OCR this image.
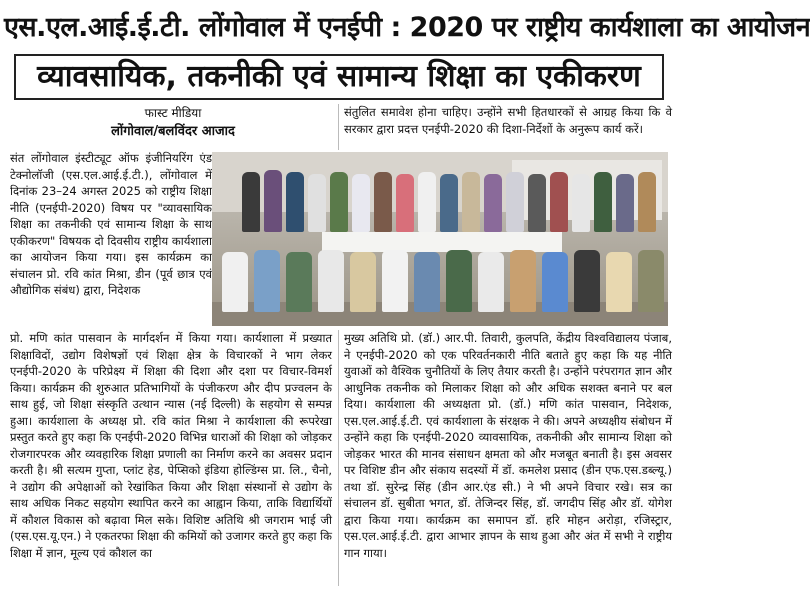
एस.एल.आई.ई.टी. लोंगोवाल में एनईपी : 2020 पर राष्ट्रीय कार्यशाला का आयोजन
व्यावसायिक, तकनीकी एवं सामान्य शिक्षा का एकीकरण
फास्ट मीडिया
लोंगोवाल/बलविंदर आजाद
संतुलित समावेश होना चाहिए। उन्होंने सभी हितधारकों से आग्रह किया कि वे सरकार द्वारा प्रदत्त एनईपी-2020 की दिशा-निर्देशों के अनुरूप कार्य करें।
संत लोंगोवाल इंस्टीट्यूट ऑफ इंजीनियरिंग एंड टेक्नोलॉजी (एस.एल.आई.ई.टी.), लोंगोवाल में दिनांक 23–24 अगस्त 2025 को राष्ट्रीय शिक्षा नीति (एनईपी-2020) विषय पर "व्यावसायिक शिक्षा का तकनीकी एवं सामान्य शिक्षा के साथ एकीकरण" विषयक दो दिवसीय राष्ट्रीय कार्यशाला का आयोजन किया गया। इस कार्यक्रम का संचालन प्रो. रवि कांत मिश्रा, डीन (पूर्व छात्र एवं औद्योगिक संबंध) द्वारा, निदेशक
प्रो. मणि कांत पासवान के मार्गदर्शन में किया गया। कार्यशाला में प्रख्यात शिक्षाविदों, उद्योग विशेषज्ञों एवं शिक्षा क्षेत्र के विचारकों ने भाग लेकर एनईपी-2020 के परिप्रेक्ष्य में शिक्षा की दिशा और दशा पर विचार-विमर्श किया। कार्यक्रम की शुरुआत प्रतिभागियों के पंजीकरण और दीप प्रज्वलन के साथ हुई, जो शिक्षा संस्कृति उत्थान न्यास (नई दिल्ली) के सहयोग से सम्पन्न हुआ। कार्यशाला के अध्यक्ष प्रो. रवि कांत मिश्रा ने कार्यशाला की रूपरेखा प्रस्तुत करते हुए कहा कि एनईपी-2020 विभिन्न धाराओं की शिक्षा को जोड़कर रोजगारपरक और व्यवहारिक शिक्षा प्रणाली का निर्माण करने का अवसर प्रदान करती है। श्री सत्यम गुप्ता, प्लांट हेड, पेप्सिको इंडिया होल्डिंग्स प्रा. लि., चैनो, ने उद्योग की अपेक्षाओं को रेखांकित किया और शिक्षा संस्थानों से उद्योग के साथ अधिक निकट सहयोग स्थापित करने का आह्वान किया, ताकि विद्यार्थियों में कौशल विकास को बढ़ावा मिल सके। विशिष्ट अतिथि श्री जगराम भाई जी (एस.एस.यू.एन.) ने एकतरफा शिक्षा की कमियों को उजागर करते हुए कहा कि शिक्षा में ज्ञान, मूल्य एवं कौशल का
मुख्य अतिथि प्रो. (डॉ.) आर.पी. तिवारी, कुलपति, केंद्रीय विश्वविद्यालय पंजाब, ने एनईपी-2020 को एक परिवर्तनकारी नीति बताते हुए कहा कि यह नीति युवाओं को वैश्विक चुनौतियों के लिए तैयार करती है। उन्होंने परंपरागत ज्ञान और आधुनिक तकनीक को मिलाकर शिक्षा को और अधिक सशक्त बनाने पर बल दिया। कार्यशाला की अध्यक्षता प्रो. (डॉ.) मणि कांत पासवान, निदेशक, एस.एल.आई.ई.टी. एवं कार्यशाला के संरक्षक ने की। अपने अध्यक्षीय संबोधन में उन्होंने कहा कि एनईपी-2020 व्यावसायिक, तकनीकी और सामान्य शिक्षा को जोड़कर भारत की मानव संसाधन क्षमता को और मजबूत बनाती है। इस अवसर पर विशिष्ट डीन और संकाय सदस्यों में डॉ. कमलेश प्रसाद (डीन एफ.एस.डब्ल्यू.) तथा डॉ. सुरेन्द्र सिंह (डीन आर.एंड सी.) ने भी अपने विचार रखे। सत्र का संचालन डॉ. सुबीता भगत, डॉ. तेजिन्दर सिंह, डॉ. जगदीप सिंह और डॉ. योगेश द्वारा किया गया। कार्यक्रम का समापन डॉ. हरि मोहन अरोड़ा, रजिस्ट्रार, एस.एल.आई.ई.टी. द्वारा आभार ज्ञापन के साथ हुआ और अंत में सभी ने राष्ट्रीय गान गाया।
